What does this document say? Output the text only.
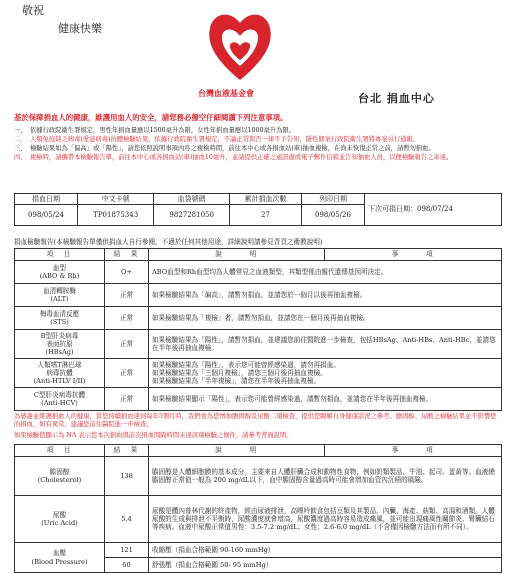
敬祝
健康快樂
台灣血液基金會	台北 捐血中心
基於保障捐血人的健康，維護用血人的安全，請您務必撥空仔細閱讀下列注意事項。
一、 依據行政院衛生署規定，男性年捐血量應以1500毫升為限，女性年捐血量應以1000毫升為限。
二、 人類免疫缺乏病毒(愛滋病毒)抗體檢驗結果，依據行政院衛生署規定，不論正常與否一律不予告知，隱性個案行政院衛生署將專案另行通報。
三、 檢驗結果如為「偏高」或「陽性」，請您依照說明事項內容之複檢時間，前往本中心或各捐血站(車)抽血複檢，在尚未恢復正常之前，請暫勿捐血。
四、 複檢時，請攜帶本檢驗報告單，前往本中心或各捐血站(車)抽血10毫升，並請提供正確之通訊處或電子郵件信箱並告知抽血人員，以便檢驗報告之寄達。
捐血日期	中文卡號	血袋號碼	累計捐血次數	列印日期	下次可捐日期：098/07/24
098/05/24	TP01875343	9827281050	27	098/05/26	
捐血檢驗報告(本檢驗報告單僅供捐血人自行參閱，不適於任何其他用途，詳細說明請參見背頁之衛教說明)
項　目	結　果	說　　　明	事　　　項
血型
(ABO & Rh)	O+	ABO血型和Rh血型均為人體常見之血液類型，其類型係由親代遺傳基因所決定。	
血清轉胺酶
(ALT)	正常	如果檢驗結果為「偏高」，請暫勿捐血，並請您於一個月以後再抽血複檢。	
梅毒血清反應
(STS)	正常	如果檢驗結果為「複檢」者，請暫勿捐血，並請您在一個月後再抽血複檢。	
B型肝炎病毒
表面抗原
(HBsAg)	正常	如果檢驗結果為「陽性」，請暫勿捐血，並建議您前往醫院進一步檢查，包括HBsAg、Anti-HBs、Anti-HBc，並請您在半年後再抽血複檢。	
人類嗜T淋巴球
病毒抗體
(Anti-HTLV I/II)	正常	如果檢驗結果為「陽性」，表示您可能曾經感染過，請勿再捐血。
如果檢驗結果為「三個月複檢」，請您三個月後再抽血複檢。
如果檢驗結果為「半年複檢」，請您在半年後再抽血複檢。	
C型肝炎病毒抗體
(Anti-HCV)	正常	如果檢驗結果顯示「陽性」，表示您可能曾經感染過，請暫勿捐血，並請您在半年後再抽血複檢。	
為感謝並維護捐血人的健康，當您持續捐血達到每年5個月時，我們會為您增加膽固醇及尿酸二項檢查，提供您瞭解自身健康狀況之參考。膽固醇、尿酸之檢驗結果並不影響您的捐血，如有異常，建議您前往醫院進一步檢查。
如果檢驗值顯示為 NA 表示您本次捐血與前次捐血間隔時間未達該項檢驗之條件，請參考背面說明。
項　目	結　果	說　　　明	事　　　項
膽固醇
(Cholesterol)	138	膽固醇是人體細胞膜的基本成分，主要來自人體肝臟合成和動物性食物，例如奶類製品、牛油、起司、蛋黃等。血液總膽固醇正常值一般為 200 mg/dL以下，血中膽固醇含量過高時可能會增加血管內沉積的風險。	
尿酸
(Uric Acid)	5.4	尿酸是體內普林代謝的終產物，經由尿液排泄，高嘌呤飲食包括豆類及其製品、內臟、海產、菇類、高湯和酒類。人體尿酸的生成與排泄不平衡時，尿酸濃度就會增高，尿酸濃度過高時容易造成痛風，並可能出現痛風性關節炎、腎臟結石等疾病。血液中尿酸正常值男性：3.5-7.2 mg/dL；女性：2.6-6.0 mg/dL（不含僅因檢驗方法而有所不同）。	
血壓
(Blood Pressure)	121	收縮壓（捐血合格範圍 90-160 mmHg）	
	60	舒張壓（捐血合格範圍 50- 95 mmHg）	
